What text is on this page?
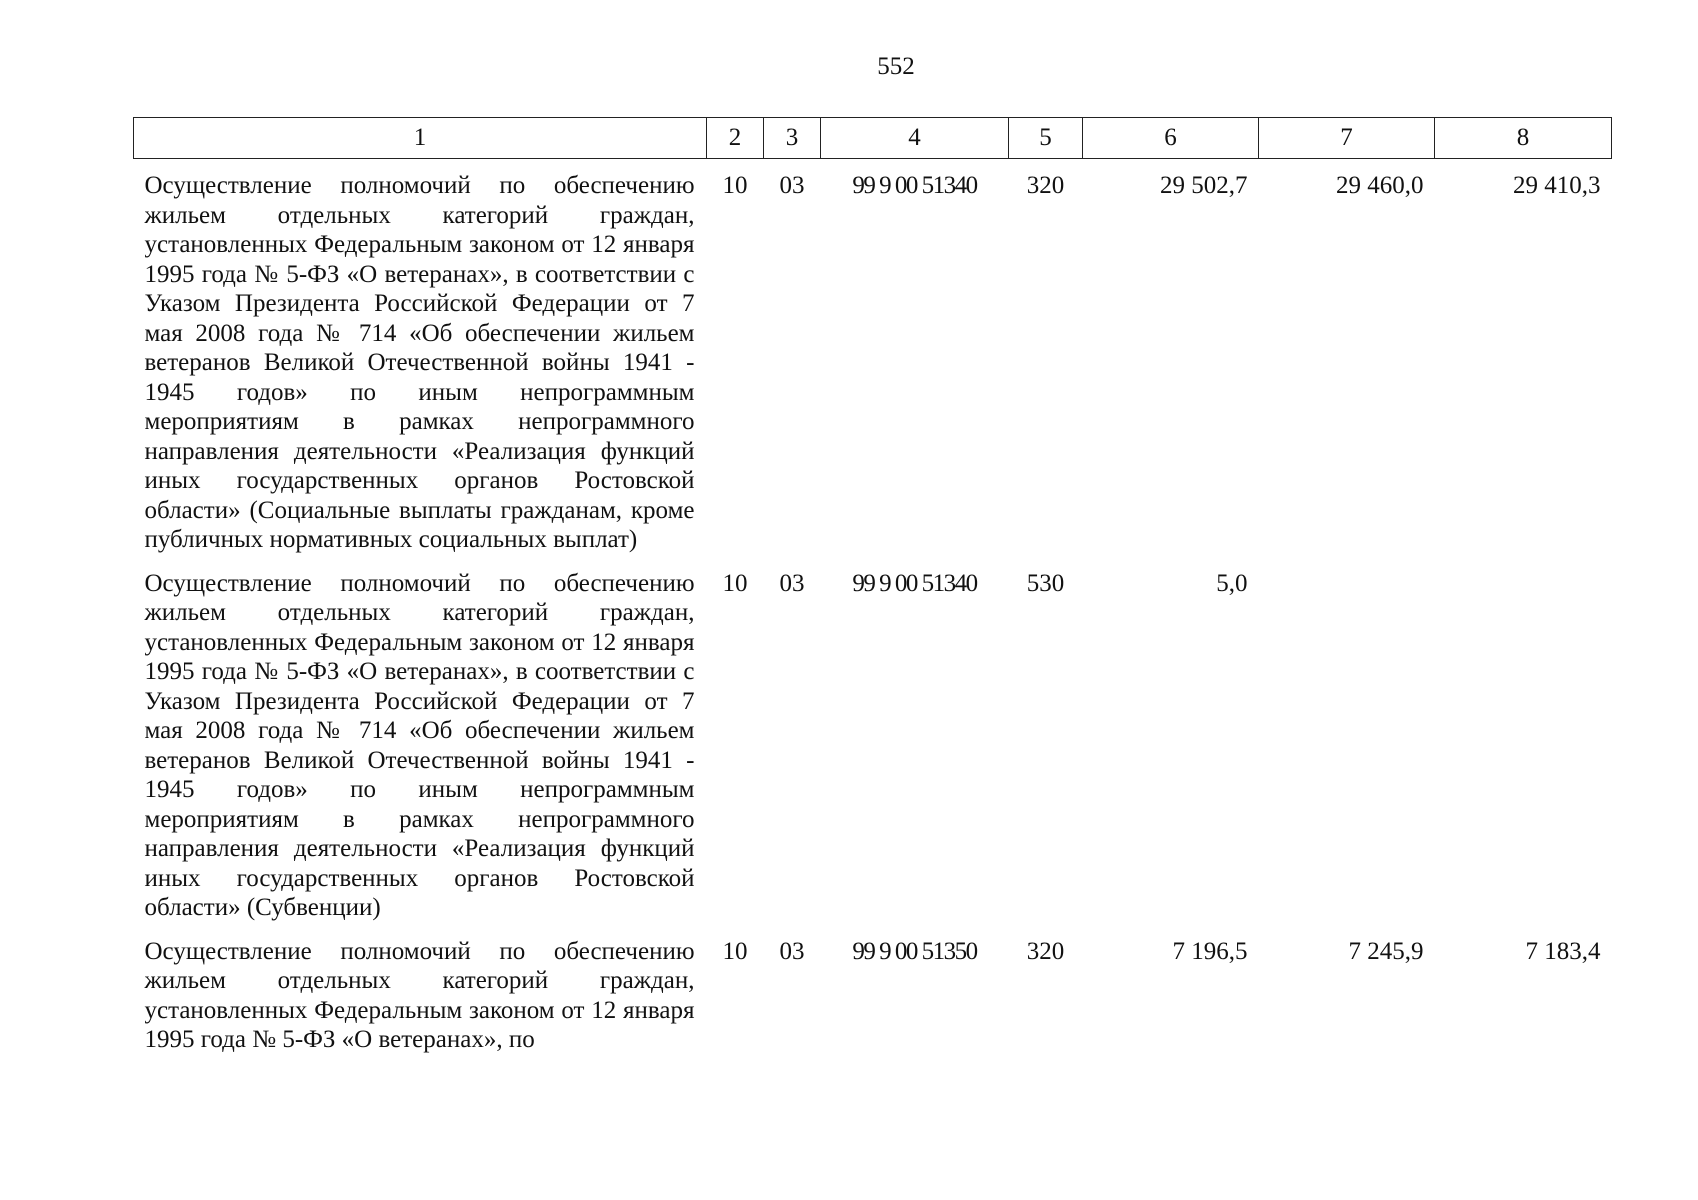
552
1	2	3	4	5	6	7	8
Осуществление полномочий по обеспечению жильем отдельных категорий граждан, установленных Федеральным законом от 12 января 1995 года № 5-ФЗ «О ветеранах», в соответствии с Указом Президента Российской Федерации от 7 мая 2008 года № 714 «Об обеспечении жильем ветеранов Великой Отечественной войны 1941 - 1945 годов» по иным непрограммным мероприятиям в рамках непрограммного направления деятельности «Реализация функций иных государственных органов Ростовской области» (Социальные выплаты гражданам, кроме публичных нормативных социальных выплат)	10	03	99 9 00 51340	320	29 502,7	29 460,0	29 410,3
Осуществление полномочий по обеспечению жильем отдельных категорий граждан, установленных Федеральным законом от 12 января 1995 года № 5-ФЗ «О ветеранах», в соответствии с Указом Президента Российской Федерации от 7 мая 2008 года № 714 «Об обеспечении жильем ветеранов Великой Отечественной войны 1941 - 1945 годов» по иным непрограммным мероприятиям в рамках непрограммного направления деятельности «Реализация функций иных государственных органов Ростовской области» (Субвенции)	10	03	99 9 00 51340	530	5,0		
Осуществление полномочий по обеспечению жильем отдельных категорий граждан, установленных Федеральным законом от 12 января 1995 года № 5-ФЗ «О ветеранах», по	10	03	99 9 00 51350	320	7 196,5	7 245,9	7 183,4
